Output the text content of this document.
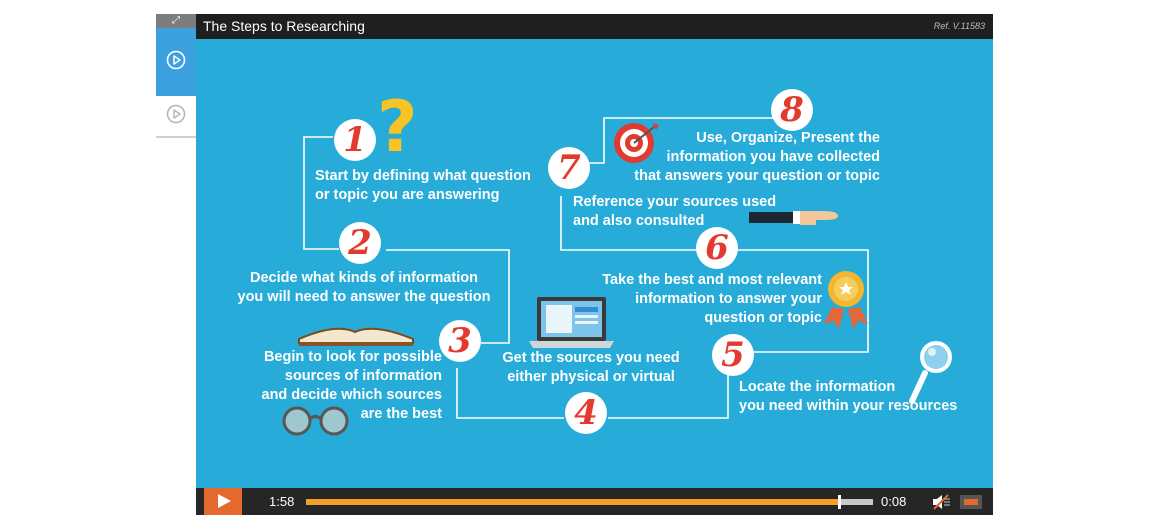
⤢	The Steps to Researching	Ref. V.11583
?
1
2
3
4
5
6
7
8
Start by defining what question
or topic you are answering
Decide what kinds of information
you will need to answer the question
Begin to look for possible
sources of information
and decide which sources
are the best
Get the sources you need
either physical or virtual
Locate the information
you need within your resources
Take the best and most relevant
information to answer your
question or topic
Reference your sources used
and also consulted
Use, Organize, Present the
information you have collected
that answers your question or topic
1:58	0:08
